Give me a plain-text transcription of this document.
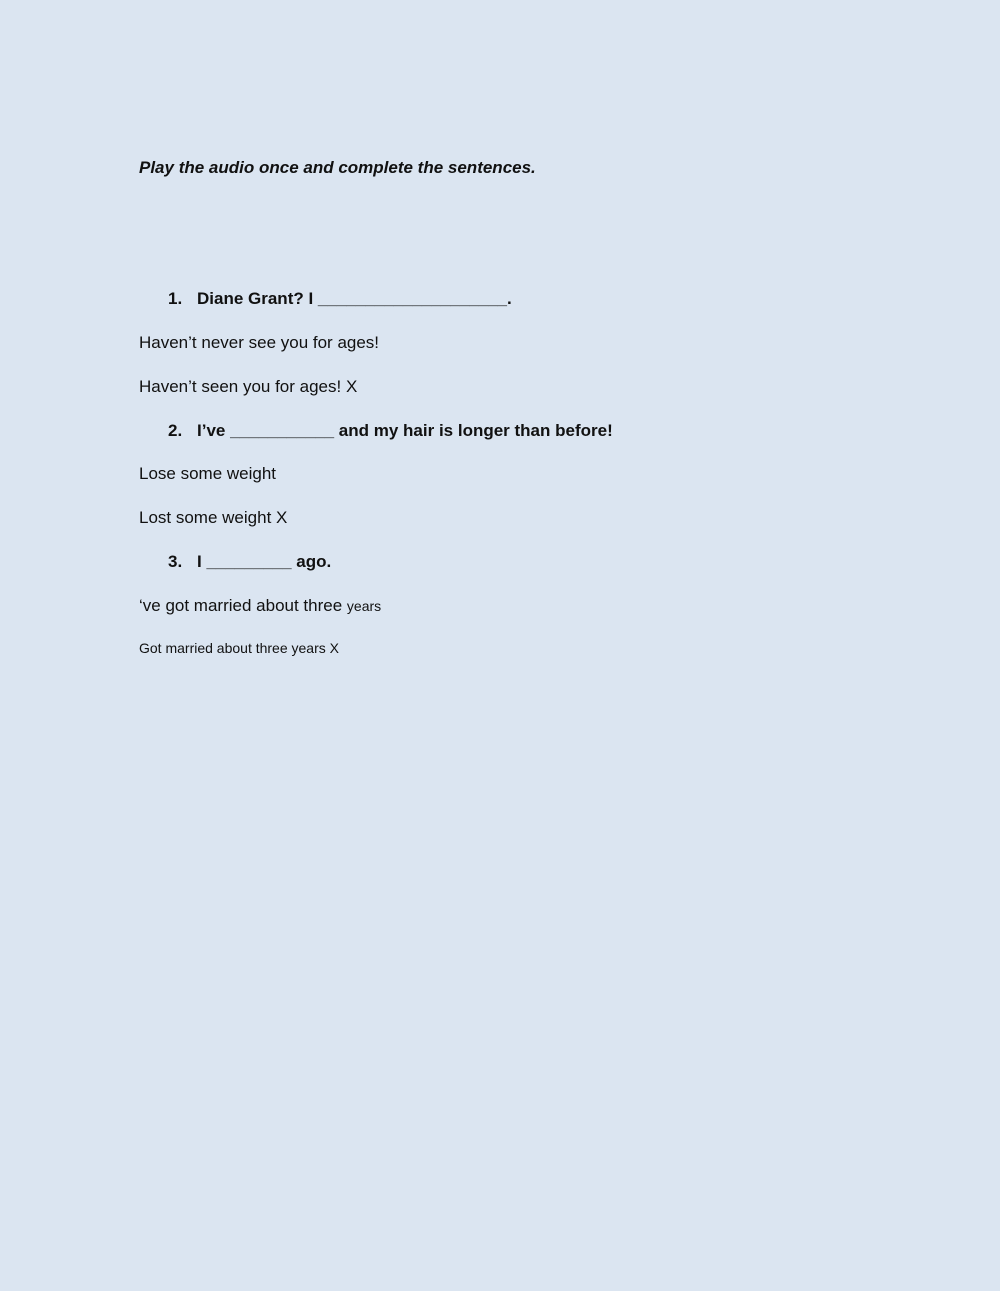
Play the audio once and complete the sentences.
1. Diane Grant? I ____________________.
Haven’t never see you for ages!
Haven’t seen you for ages! X
2. I’ve ___________ and my hair is longer than before!
Lose some weight
Lost some weight X
3. I _________ ago.
‘ve got married about three years
Got married about three years X
